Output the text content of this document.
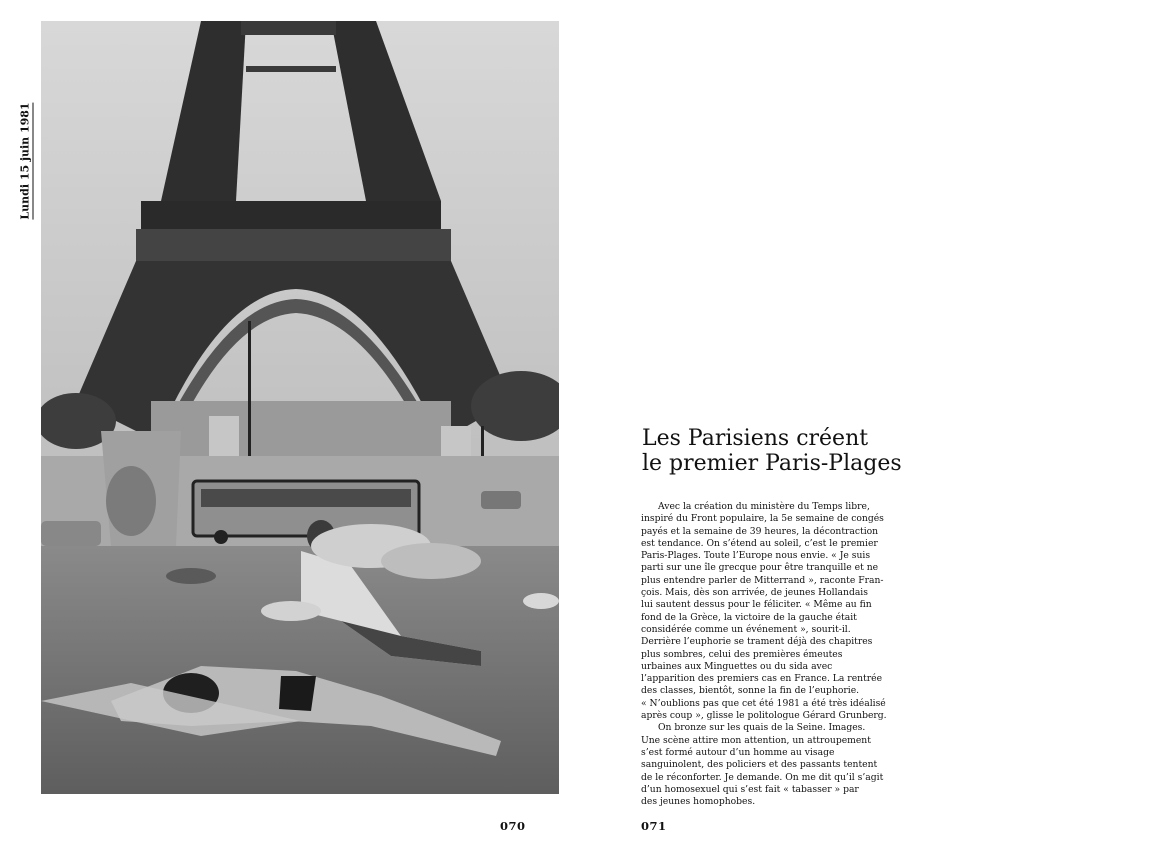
Lundi 15 juin 1981
070
Les Parisiens créent
le premier Paris-Plages

Avec la création du ministère du Temps libre,
inspiré du Front populaire, la 5e semaine de congés
payés et la semaine de 39 heures, la décontraction
est tendance. On s’étend au soleil, c’est le premier
Paris-Plages. Toute l’Europe nous envie. « Je suis
parti sur une île grecque pour être tranquille et ne
plus entendre parler de Mitterrand », raconte Fran-
çois. Mais, dès son arrivée, de jeunes Hollandais
lui sautent dessus pour le féliciter. « Même au fin
fond de la Grèce, la victoire de la gauche était
considérée comme un événement », sourit-il.
Derrière l’euphorie se trament déjà des chapitres
plus sombres, celui des premières émeutes
urbaines aux Minguettes ou du sida avec
l’apparition des premiers cas en France. La rentrée
des classes, bientôt, sonne la fin de l’euphorie.
« N’oublions pas que cet été 1981 a été très idéalisé
après coup », glisse le politologue Gérard Grunberg.

On bronze sur les quais de la Seine. Images.
Une scène attire mon attention, un attroupement
s’est formé autour d’un homme au visage
sanguinolent, des policiers et des passants tentent
de le réconforter. Je demande. On me dit qu’il s’agit
d’un homosexuel qui s’est fait « tabasser » par
des jeunes homophobes.

071
